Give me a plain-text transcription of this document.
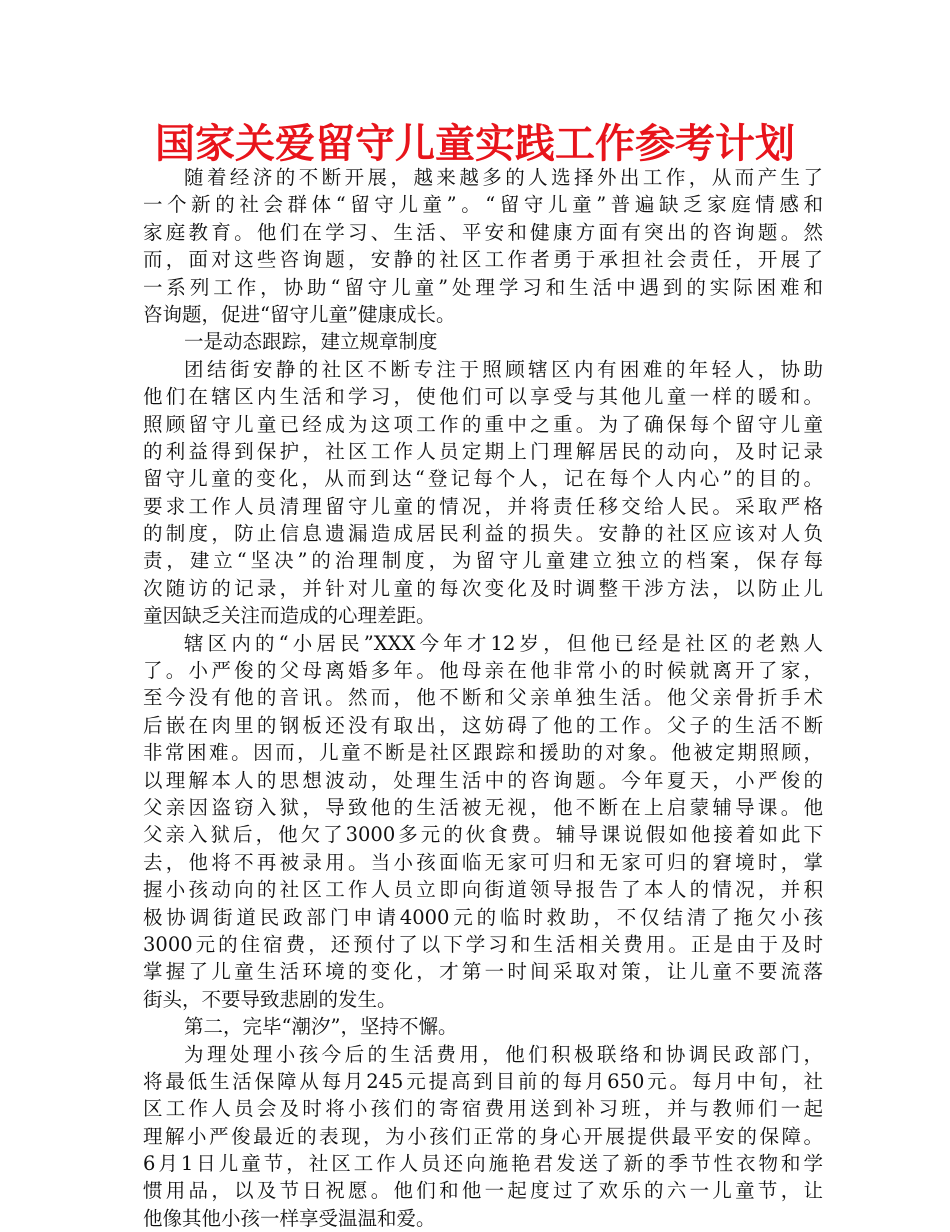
国家关爱留守儿童实践工作参考计划
随着经济的不断开展，越来越多的人选择外出工作，从而产生了
一个新的社会群体“留守儿童”。“留守儿童”普遍缺乏家庭情感和
家庭教育。他们在学习、生活、平安和健康方面有突出的咨询题。然
而，面对这些咨询题，安静的社区工作者勇于承担社会责任，开展了
一系列工作，协助“留守儿童”处理学习和生活中遇到的实际困难和
咨询题，促进“留守儿童”健康成长。
一是动态跟踪，建立规章制度
团结街安静的社区不断专注于照顾辖区内有困难的年轻人，协助
他们在辖区内生活和学习，使他们可以享受与其他儿童一样的暖和。
照顾留守儿童已经成为这项工作的重中之重。为了确保每个留守儿童
的利益得到保护，社区工作人员定期上门理解居民的动向，及时记录
留守儿童的变化，从而到达“登记每个人，记在每个人内心”的目的。
要求工作人员清理留守儿童的情况，并将责任移交给人民。采取严格
的制度，防止信息遗漏造成居民利益的损失。安静的社区应该对人负
责，建立“坚决”的治理制度，为留守儿童建立独立的档案，保存每
次随访的记录，并针对儿童的每次变化及时调整干涉方法，以防止儿
童因缺乏关注而造成的心理差距。
辖区内的“小居民”XXX今年才12岁，但他已经是社区的老熟人
了。小严俊的父母离婚多年。他母亲在他非常小的时候就离开了家，
至今没有他的音讯。然而，他不断和父亲单独生活。他父亲骨折手术
后嵌在肉里的钢板还没有取出，这妨碍了他的工作。父子的生活不断
非常困难。因而，儿童不断是社区跟踪和援助的对象。他被定期照顾，
以理解本人的思想波动，处理生活中的咨询题。今年夏天，小严俊的
父亲因盗窃入狱，导致他的生活被无视，他不断在上启蒙辅导课。他
父亲入狱后，他欠了3000多元的伙食费。辅导课说假如他接着如此下
去，他将不再被录用。当小孩面临无家可归和无家可归的窘境时，掌
握小孩动向的社区工作人员立即向街道领导报告了本人的情况，并积
极协调街道民政部门申请4000元的临时救助，不仅结清了拖欠小孩
3000元的住宿费，还预付了以下学习和生活相关费用。正是由于及时
掌握了儿童生活环境的变化，才第一时间采取对策，让儿童不要流落
街头，不要导致悲剧的发生。
第二，完毕“潮汐”，坚持不懈。
为理处理小孩今后的生活费用，他们积极联络和协调民政部门，
将最低生活保障从每月245元提高到目前的每月650元。每月中旬，社
区工作人员会及时将小孩们的寄宿费用送到补习班，并与教师们一起
理解小严俊最近的表现，为小孩们正常的身心开展提供最平安的保障。
6月1日儿童节，社区工作人员还向施艳君发送了新的季节性衣物和学
惯用品，以及节日祝愿。他们和他一起度过了欢乐的六一儿童节，让
他像其他小孩一样享受温温和爱。
